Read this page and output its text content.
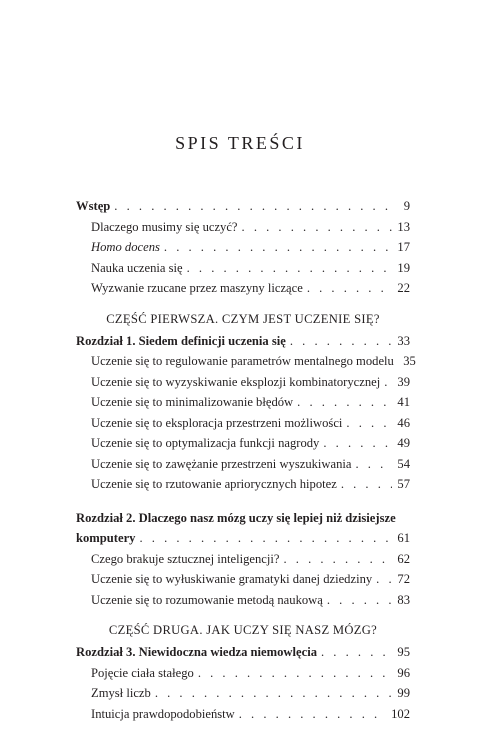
SPIS TREŚCI
Wstęp . . .	9
Dlaczego musimy się uczyć? . . .	13
Homo docens . . .	17
Nauka uczenia się . . .	19
Wyzwanie rzucane przez maszyny liczące . . .	22
CZĘŚĆ PIERWSZA. CZYM JEST UCZENIE SIĘ?
Rozdział 1. Siedem definicji uczenia się . . .	33
Uczenie się to regulowanie parametrów mentalnego modelu 35
Uczenie się to wyzyskiwanie eksplozji kombinatorycznej . . . 39
Uczenie się to minimalizowanie błędów . . .	41
Uczenie się to eksploracja przestrzeni możliwości . . .	46
Uczenie się to optymalizacja funkcji nagrody . . .	49
Uczenie się to zawężanie przestrzeni wyszukiwania . . .	54
Uczenie się to rzutowanie apriorycznych hipotez . . .	57
Rozdział 2. Dlaczego nasz mózg uczy się lepiej niż dzisiejsze
komputery . . .	61
Czego brakuje sztucznej inteligencji? . . .	62
Uczenie się to wyłuskiwanie gramatyki danej dziedziny . . . 72
Uczenie się to rozumowanie metodą naukową . . .	83
CZĘŚĆ DRUGA. JAK UCZY SIĘ NASZ MÓZG?
Rozdział 3. Niewidoczna wiedza niemowlęcia . . .	95
Pojęcie ciała stałego . . .	96
Zmysł liczb . . .	99
Intuicja prawdopodobieństw . . .	102
